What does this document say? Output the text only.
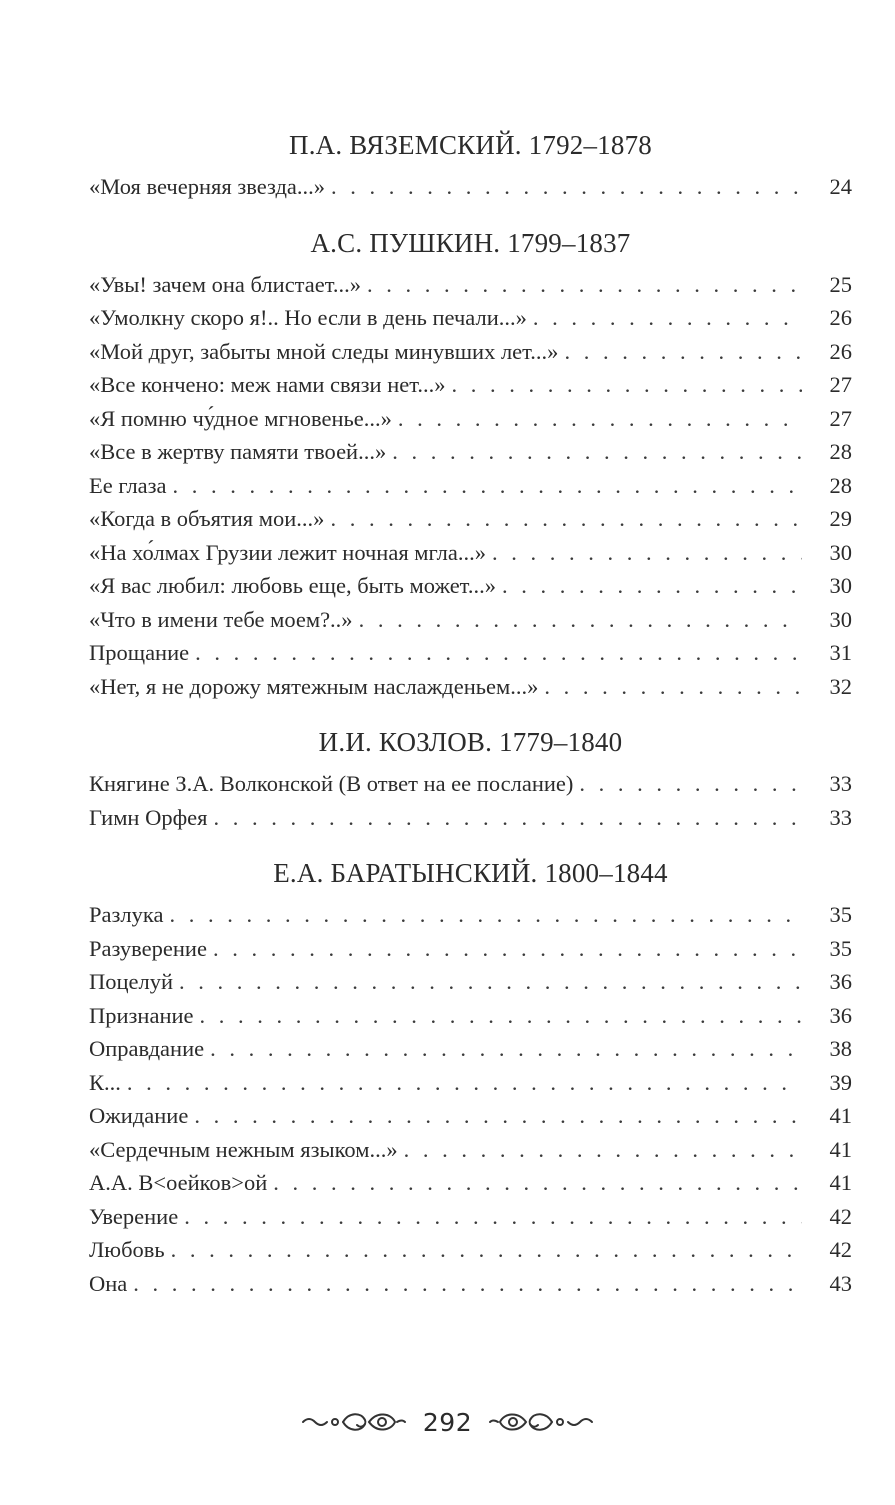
П.А. ВЯЗЕМСКИЙ. 1792–1878
«Моя вечерняя звезда...» . . .	24
А.С. ПУШКИН. 1799–1837
«Увы! зачем она блистает...» . . .	25
«Умолкну скоро я!.. Но если в день печали...» . . .	26
«Мой друг, забыты мной следы минувших лет...» . . .	26
«Все кончено: меж нами связи нет...» . . .	27
«Я помню чу́дное мгновенье...» . . .	27
«Все в жертву памяти твоей...» . . .	28
Ее глаза . . .	28
«Когда в объятия мои...» . . .	29
«На хо́лмах Грузии лежит ночная мгла...» . . .	30
«Я вас любил: любовь еще, быть может...» . . .	30
«Что в имени тебе моем?..» . . .	30
Прощание . . .	31
«Нет, я не дорожу мятежным наслажденьем...» . . .	32
И.И. КОЗЛОВ. 1779–1840
Княгине З.А. Волконской (В ответ на ее послание) . . .	33
Гимн Орфея . . .	33
Е.А. БАРАТЫНСКИЙ. 1800–1844
Разлука . . .	35
Разуверение . . .	35
Поцелуй . . .	36
Признание . . .	36
Оправдание . . .	38
К... . . .	39
Ожидание . . .	41
«Сердечным нежным языком...» . . .	41
А.А. В<оейков>ой . . .	41
Уверение . . .	42
Любовь . . .	42
Она . . .	43
292
